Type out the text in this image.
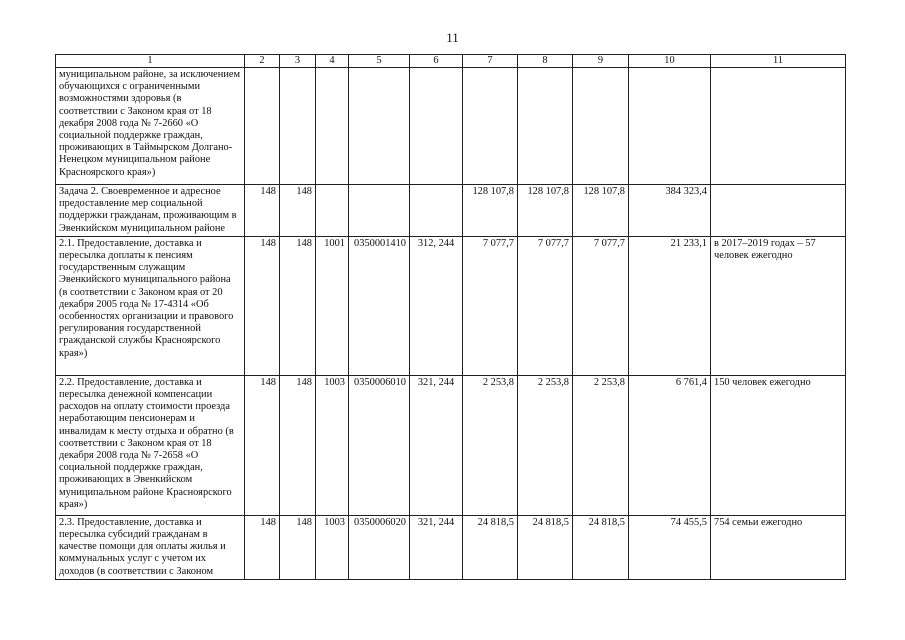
11
1	2	3	4	5	6	7	8	9	10	11
муниципальном районе, за исключением обучающихся с ограниченными возможностями здоровья (в соответствии с Законом края от 18 декабря 2008 года № 7-2660 «О социальной поддержке граждан, проживающих в Таймырском Долгано-Ненецком муниципальном районе Красноярского края»)										
Задача 2. Своевременное и адресное предоставление мер социальной поддержки гражданам, проживающим в Эвенкийском муниципальном районе	148	148				128 107,8	128 107,8	128 107,8	384 323,4	
2.1. Предоставление, доставка и пересылка доплаты к пенсиям государственным служащим Эвенкийского муниципального района (в соответствии с Законом края от 20 декабря 2005 года № 17-4314 «Об особенностях организации и правового регулирования государственной гражданской службы Красноярского края»)	148	148	1001	0350001410	312, 244	7 077,7	7 077,7	7 077,7	21 233,1	в 2017–2019 годах – 57 человек ежегодно
2.2. Предоставление, доставка и пересылка денежной компенсации расходов на оплату стоимости проезда неработающим пенсионерам и инвалидам к месту отдыха и обратно (в соответствии с Законом края от 18 декабря 2008 года № 7-2658 «О социальной поддержке граждан, проживающих в Эвенкийском муниципальном районе Красноярского края»)	148	148	1003	0350006010	321, 244	2 253,8	2 253,8	2 253,8	6 761,4	150 человек ежегодно
2.3. Предоставление, доставка и пересылка субсидий гражданам в качестве помощи для оплаты жилья и коммунальных услуг с учетом их доходов (в соответствии с Законом	148	148	1003	0350006020	321, 244	24 818,5	24 818,5	24 818,5	74 455,5	754 семьи ежегодно
